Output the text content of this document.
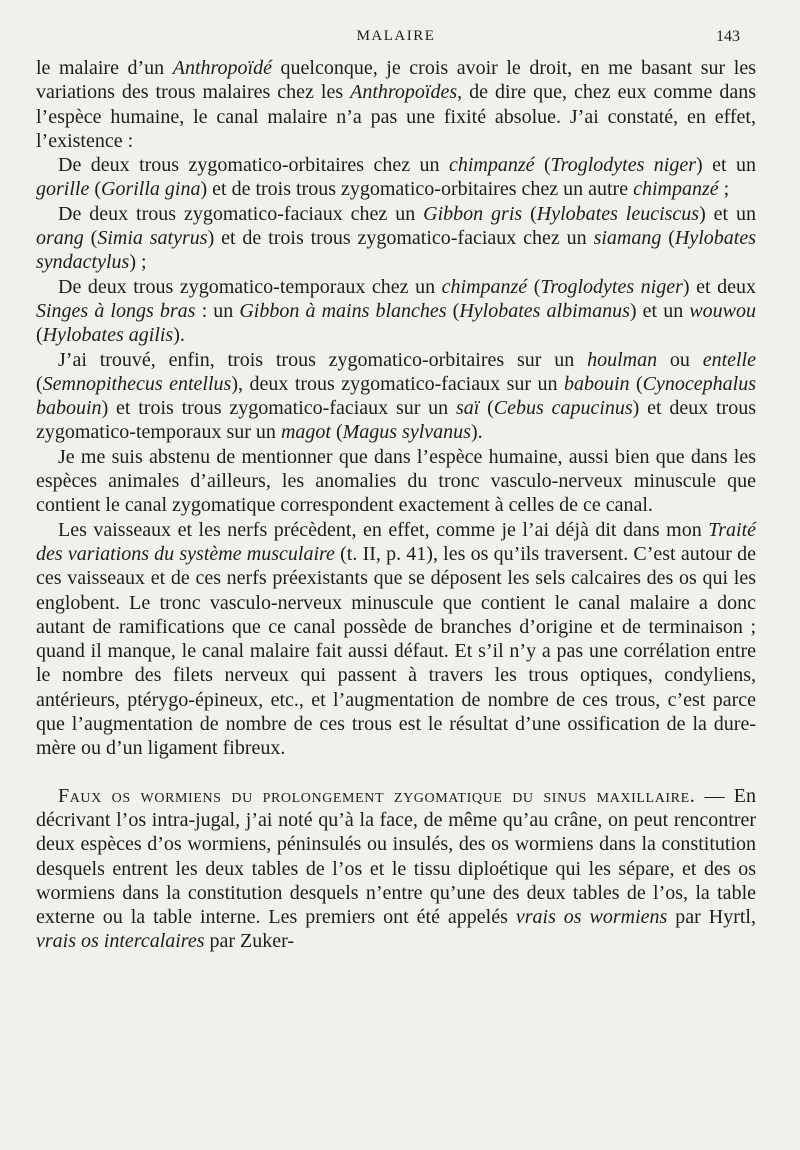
MALAIRE	143

le malaire d’un Anthropoïdé quelconque, je crois avoir le droit, en me basant sur les variations des trous malaires chez les Anthropoïdes, de dire que, chez eux comme dans l’espèce humaine, le canal malaire n’a pas une fixité absolue. J’ai constaté, en effet, l’existence :

De deux trous zygomatico-orbitaires chez un chimpanzé (Troglodytes niger) et un gorille (Gorilla gina) et de trois trous zygomatico-orbitaires chez un autre chimpanzé ;

De deux trous zygomatico-faciaux chez un Gibbon gris (Hylobates leuciscus) et un orang (Simia satyrus) et de trois trous zygomatico-faciaux chez un siamang (Hylobates syndactylus) ;

De deux trous zygomatico-temporaux chez un chimpanzé (Troglodytes niger) et deux Singes à longs bras : un Gibbon à mains blanches (Hylobates albimanus) et un wouwou (Hylobates agilis).

J’ai trouvé, enfin, trois trous zygomatico-orbitaires sur un houlman ou entelle (Semnopithecus entellus), deux trous zygomatico-faciaux sur un babouin (Cynocephalus babouin) et trois trous zygomatico-faciaux sur un saï (Cebus capucinus) et deux trous zygomatico-temporaux sur un magot (Magus sylvanus).

Je me suis abstenu de mentionner que dans l’espèce humaine, aussi bien que dans les espèces animales d’ailleurs, les anomalies du tronc vasculo-nerveux minuscule que contient le canal zygomatique correspondent exactement à celles de ce canal.

Les vaisseaux et les nerfs précèdent, en effet, comme je l’ai déjà dit dans mon Traité des variations du système musculaire (t. II, p. 41), les os qu’ils traversent. C’est autour de ces vaisseaux et de ces nerfs préexistants que se déposent les sels calcaires des os qui les englobent. Le tronc vasculo-nerveux minuscule que contient le canal malaire a donc autant de ramifications que ce canal possède de branches d’origine et de terminaison ; quand il manque, le canal malaire fait aussi défaut. Et s’il n’y a pas une corrélation entre le nombre des filets nerveux qui passent à travers les trous optiques, condyliens, antérieurs, ptérygo-épineux, etc., et l’augmentation de nombre de ces trous, c’est parce que l’augmentation de nombre de ces trous est le résultat d’une ossification de la dure-mère ou d’un ligament fibreux.

Faux os wormiens du prolongement zygomatique du sinus maxillaire. — En décrivant l’os intra-jugal, j’ai noté qu’à la face, de même qu’au crâne, on peut rencontrer deux espèces d’os wormiens, péninsulés ou insulés, des os wormiens dans la constitution desquels entrent les deux tables de l’os et le tissu diploétique qui les sépare, et des os wormiens dans la constitution desquels n’entre qu’une des deux tables de l’os, la table externe ou la table interne. Les premiers ont été appelés vrais os wormiens par Hyrtl, vrais os intercalaires par Zuker-
